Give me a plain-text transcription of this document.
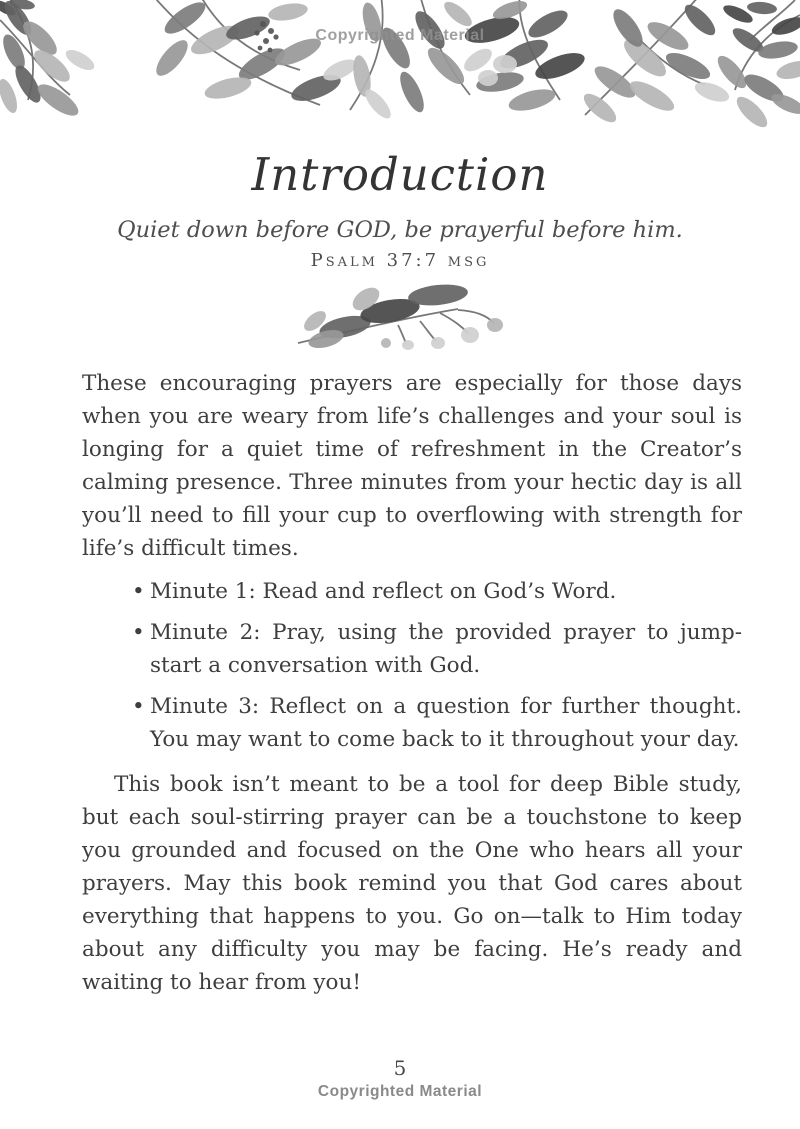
Copyrighted Material
Introduction
Quiet down before GOD, be prayerful before him.
Psalm 37:7 msg

These encouraging prayers are especially for those days when you are weary from life’s challenges and your soul is longing for a quiet time of refreshment in the Creator’s calming presence. Three minutes from your hectic day is all you’ll need to fill your cup to overflowing with strength for life’s difficult times.

• Minute 1: Read and reflect on God’s Word.
• Minute 2: Pray, using the provided prayer to jump-start a conversation with God.
• Minute 3: Reflect on a question for further thought. You may want to come back to it throughout your day.

This book isn’t meant to be a tool for deep Bible study, but each soul-stirring prayer can be a touchstone to keep you grounded and focused on the One who hears all your prayers. May this book remind you that God cares about everything that happens to you. Go on—talk to Him today about any difficulty you may be facing. He’s ready and waiting to hear from you!

5
Copyrighted Material
